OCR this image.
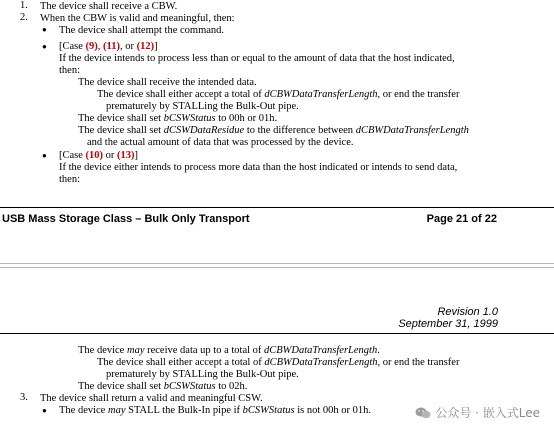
1. The device shall receive a CBW.
2. When the CBW is valid and meaningful, then:
● The device shall attempt the command.
● [Case (9), (11), or (12)]
If the device intends to process less than or equal to the amount of data that the host indicated,
then:
The device shall receive the intended data.
The device shall either accept a total of dCBWDataTransferLength, or end the transfer
prematurely by STALLing the Bulk-Out pipe.
The device shall set bCSWStatus to 00h or 01h.
The device shall set dCSWDataResidue to the difference between dCBWDataTransferLength
and the actual amount of data that was processed by the device.
● [Case (10) or (13)]
If the device either intends to process more data than the host indicated or intends to send data,
then:
USB Mass Storage Class – Bulk Only Transport	Page 21 of 22
Revision 1.0
September 31, 1999
The device may receive data up to a total of dCBWDataTransferLength.
The device shall either accept a total of dCBWDataTransferLength, or end the transfer
prematurely by STALLing the Bulk-Out pipe.
The device shall set bCSWStatus to 02h.
3. The device shall return a valid and meaningful CSW.
● The device may STALL the Bulk-In pipe if bCSWStatus is not 00h or 01h.	公众号 · 嵌入式Lee
